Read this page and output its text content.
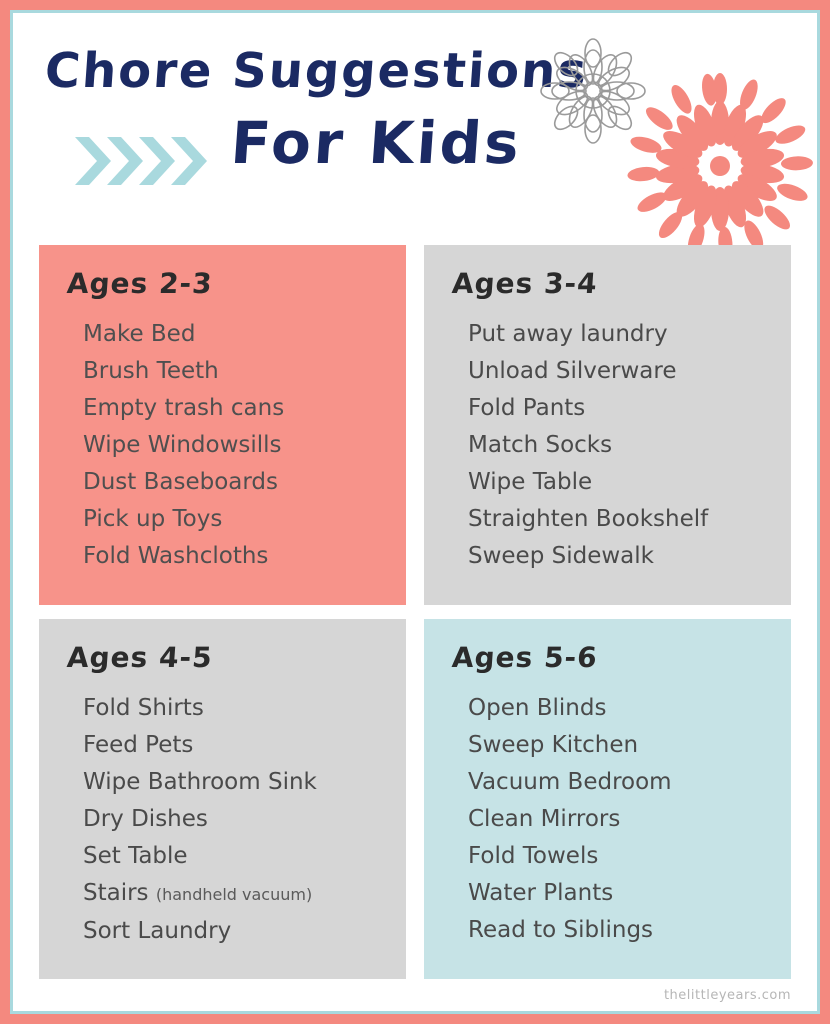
Chore Suggestions
For Kids
Ages 2-3
Make Bed
Brush Teeth
Empty trash cans
Wipe Windowsills
Dust Baseboards
Pick up Toys
Fold Washcloths
Ages 3-4
Put away laundry
Unload Silverware
Fold Pants
Match Socks
Wipe Table
Straighten Bookshelf
Sweep Sidewalk
Ages 4-5
Fold Shirts
Feed Pets
Wipe Bathroom Sink
Dry Dishes
Set Table
Stairs (handheld vacuum)
Sort Laundry
Ages 5-6
Open Blinds
Sweep Kitchen
Vacuum Bedroom
Clean Mirrors
Fold Towels
Water Plants
Read to Siblings
thelittleyears.com
